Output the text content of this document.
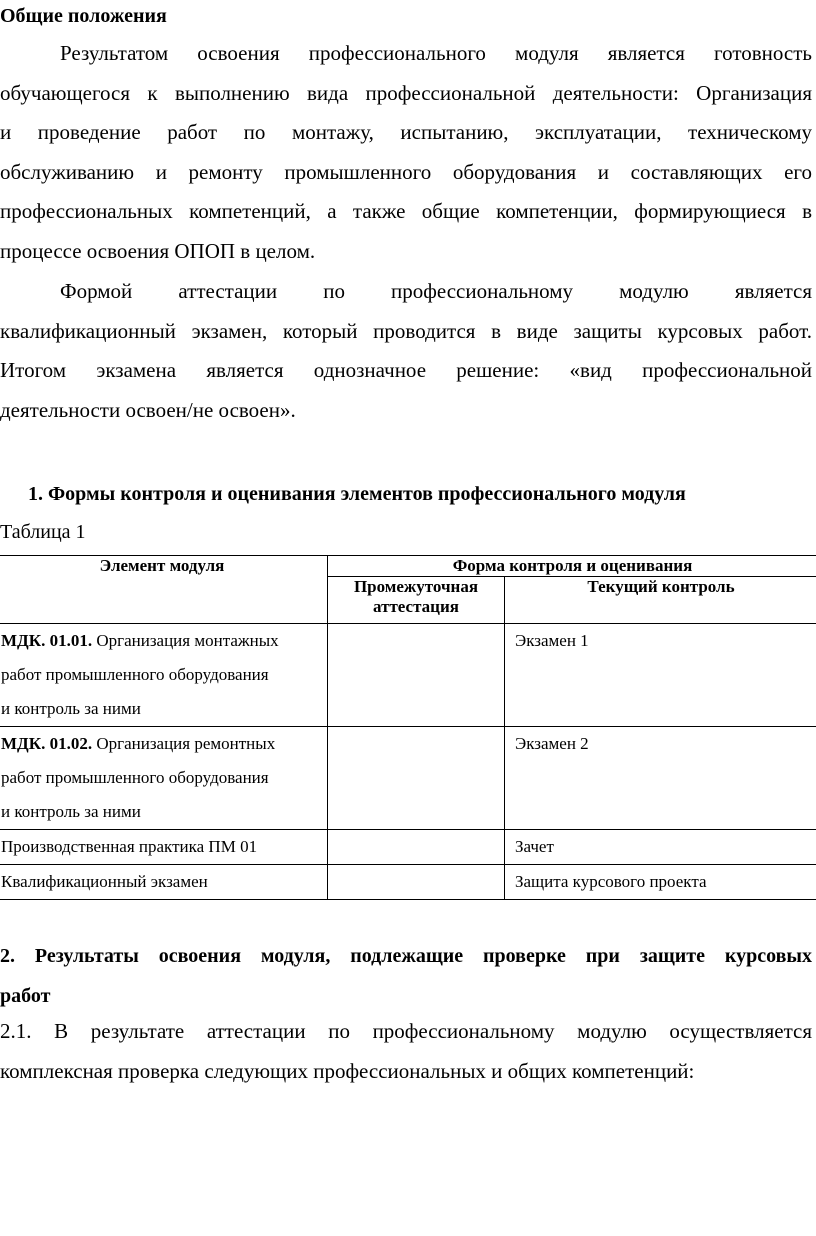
Общие положения
Результатом освоения профессионального модуля является готовность
обучающегося к выполнению вида профессиональной деятельности: Организация
и проведение работ по монтажу, испытанию, эксплуатации, техническому
обслуживанию и ремонту промышленного оборудования и составляющих его
профессиональных компетенций, а также общие компетенции, формирующиеся в
процессе освоения ОПОП в целом.
Формой аттестации по профессиональному модулю является
квалификационный экзамен, который проводится в виде защиты курсовых работ.
Итогом экзамена является однозначное решение: «вид профессиональной
деятельности освоен/не освоен».
1. Формы контроля и оценивания элементов профессионального модуля
Таблица 1
Элемент модуля	Форма контроля и оценивания	
	Промежуточная аттестация	Текущий контроль

МДК. 01.01. Организация монтажных
работ промышленного оборудования
и контроль за ними		Экзамен 1

МДК. 01.02. Организация ремонтных
работ промышленного оборудования
и контроль за ними		Экзамен 2

Производственная практика ПМ 01		Зачет

Квалификационный экзамен		Защита курсового проекта
2. Результаты освоения модуля, подлежащие проверке при защите курсовых
работ
2.1. В результате аттестации по профессиональному модулю осуществляется
комплексная проверка следующих профессиональных и общих компетенций:
